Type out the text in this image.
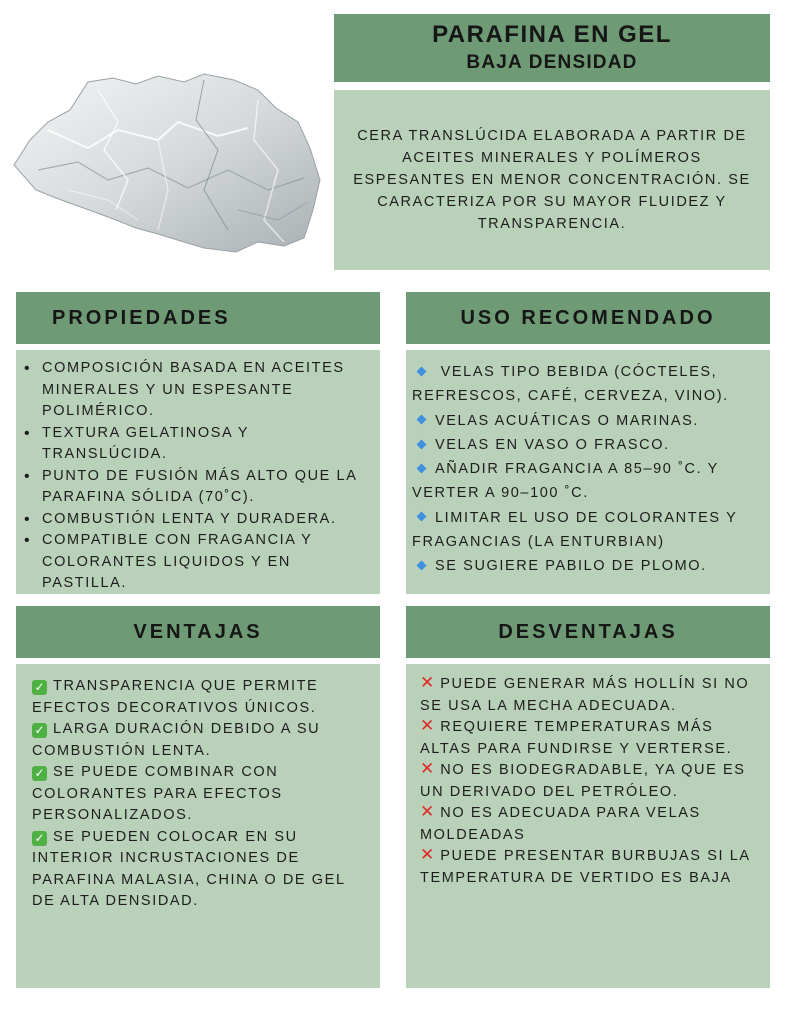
PARAFINA EN GEL
BAJA DENSIDAD

CERA TRANSLÚCIDA ELABORADA A PARTIR DE ACEITES MINERALES Y POLÍMEROS ESPESANTES EN MENOR CONCENTRACIÓN. SE CARACTERIZA POR SU MAYOR FLUIDEZ Y TRANSPARENCIA.

PROPIEDADES	USO RECOMENDADO
VENTAJAS	DESVENTAJAS
• COMPOSICIÓN BASADA EN ACEITES MINERALES Y UN ESPESANTE POLIMÉRICO.
• TEXTURA GELATINOSA Y TRANSLÚCIDA.
• PUNTO DE FUSIÓN MÁS ALTO QUE LA PARAFINA SÓLIDA (70˚C).
• COMBUSTIÓN LENTA Y DURADERA.
• COMPATIBLE CON FRAGANCIA Y COLORANTES LIQUIDOS Y EN PASTILLA.
VELAS TIPO BEBIDA (CÓCTELES, REFRESCOS, CAFÉ, CERVEZA, VINO).
VELAS ACUÁTICAS O MARINAS.
VELAS EN VASO O FRASCO.
AÑADIR FRAGANCIA A 85–90 ˚C. Y VERTER A 90–100 ˚C.
LIMITAR EL USO DE COLORANTES Y FRAGANCIAS (LA ENTURBIAN)
SE SUGIERE PABILO DE PLOMO.
✓ TRANSPARENCIA QUE PERMITE EFECTOS DECORATIVOS ÚNICOS.
✓ LARGA DURACIÓN DEBIDO A SU COMBUSTIÓN LENTA.
✓ SE PUEDE COMBINAR CON COLORANTES PARA EFECTOS PERSONALIZADOS.
✓ SE PUEDEN COLOCAR EN SU INTERIOR INCRUSTACIONES DE PARAFINA MALASIA, CHINA O DE GEL DE ALTA DENSIDAD.
✕ PUEDE GENERAR MÁS HOLLÍN SI NO SE USA LA MECHA ADECUADA.
✕ REQUIERE TEMPERATURAS MÁS ALTAS PARA FUNDIRSE Y VERTERSE.
✕ NO ES BIODEGRADABLE, YA QUE ES UN DERIVADO DEL PETRÓLEO.
✕ NO ES ADECUADA PARA VELAS MOLDEADAS
✕ PUEDE PRESENTAR BURBUJAS SI LA TEMPERATURA DE VERTIDO ES BAJA
